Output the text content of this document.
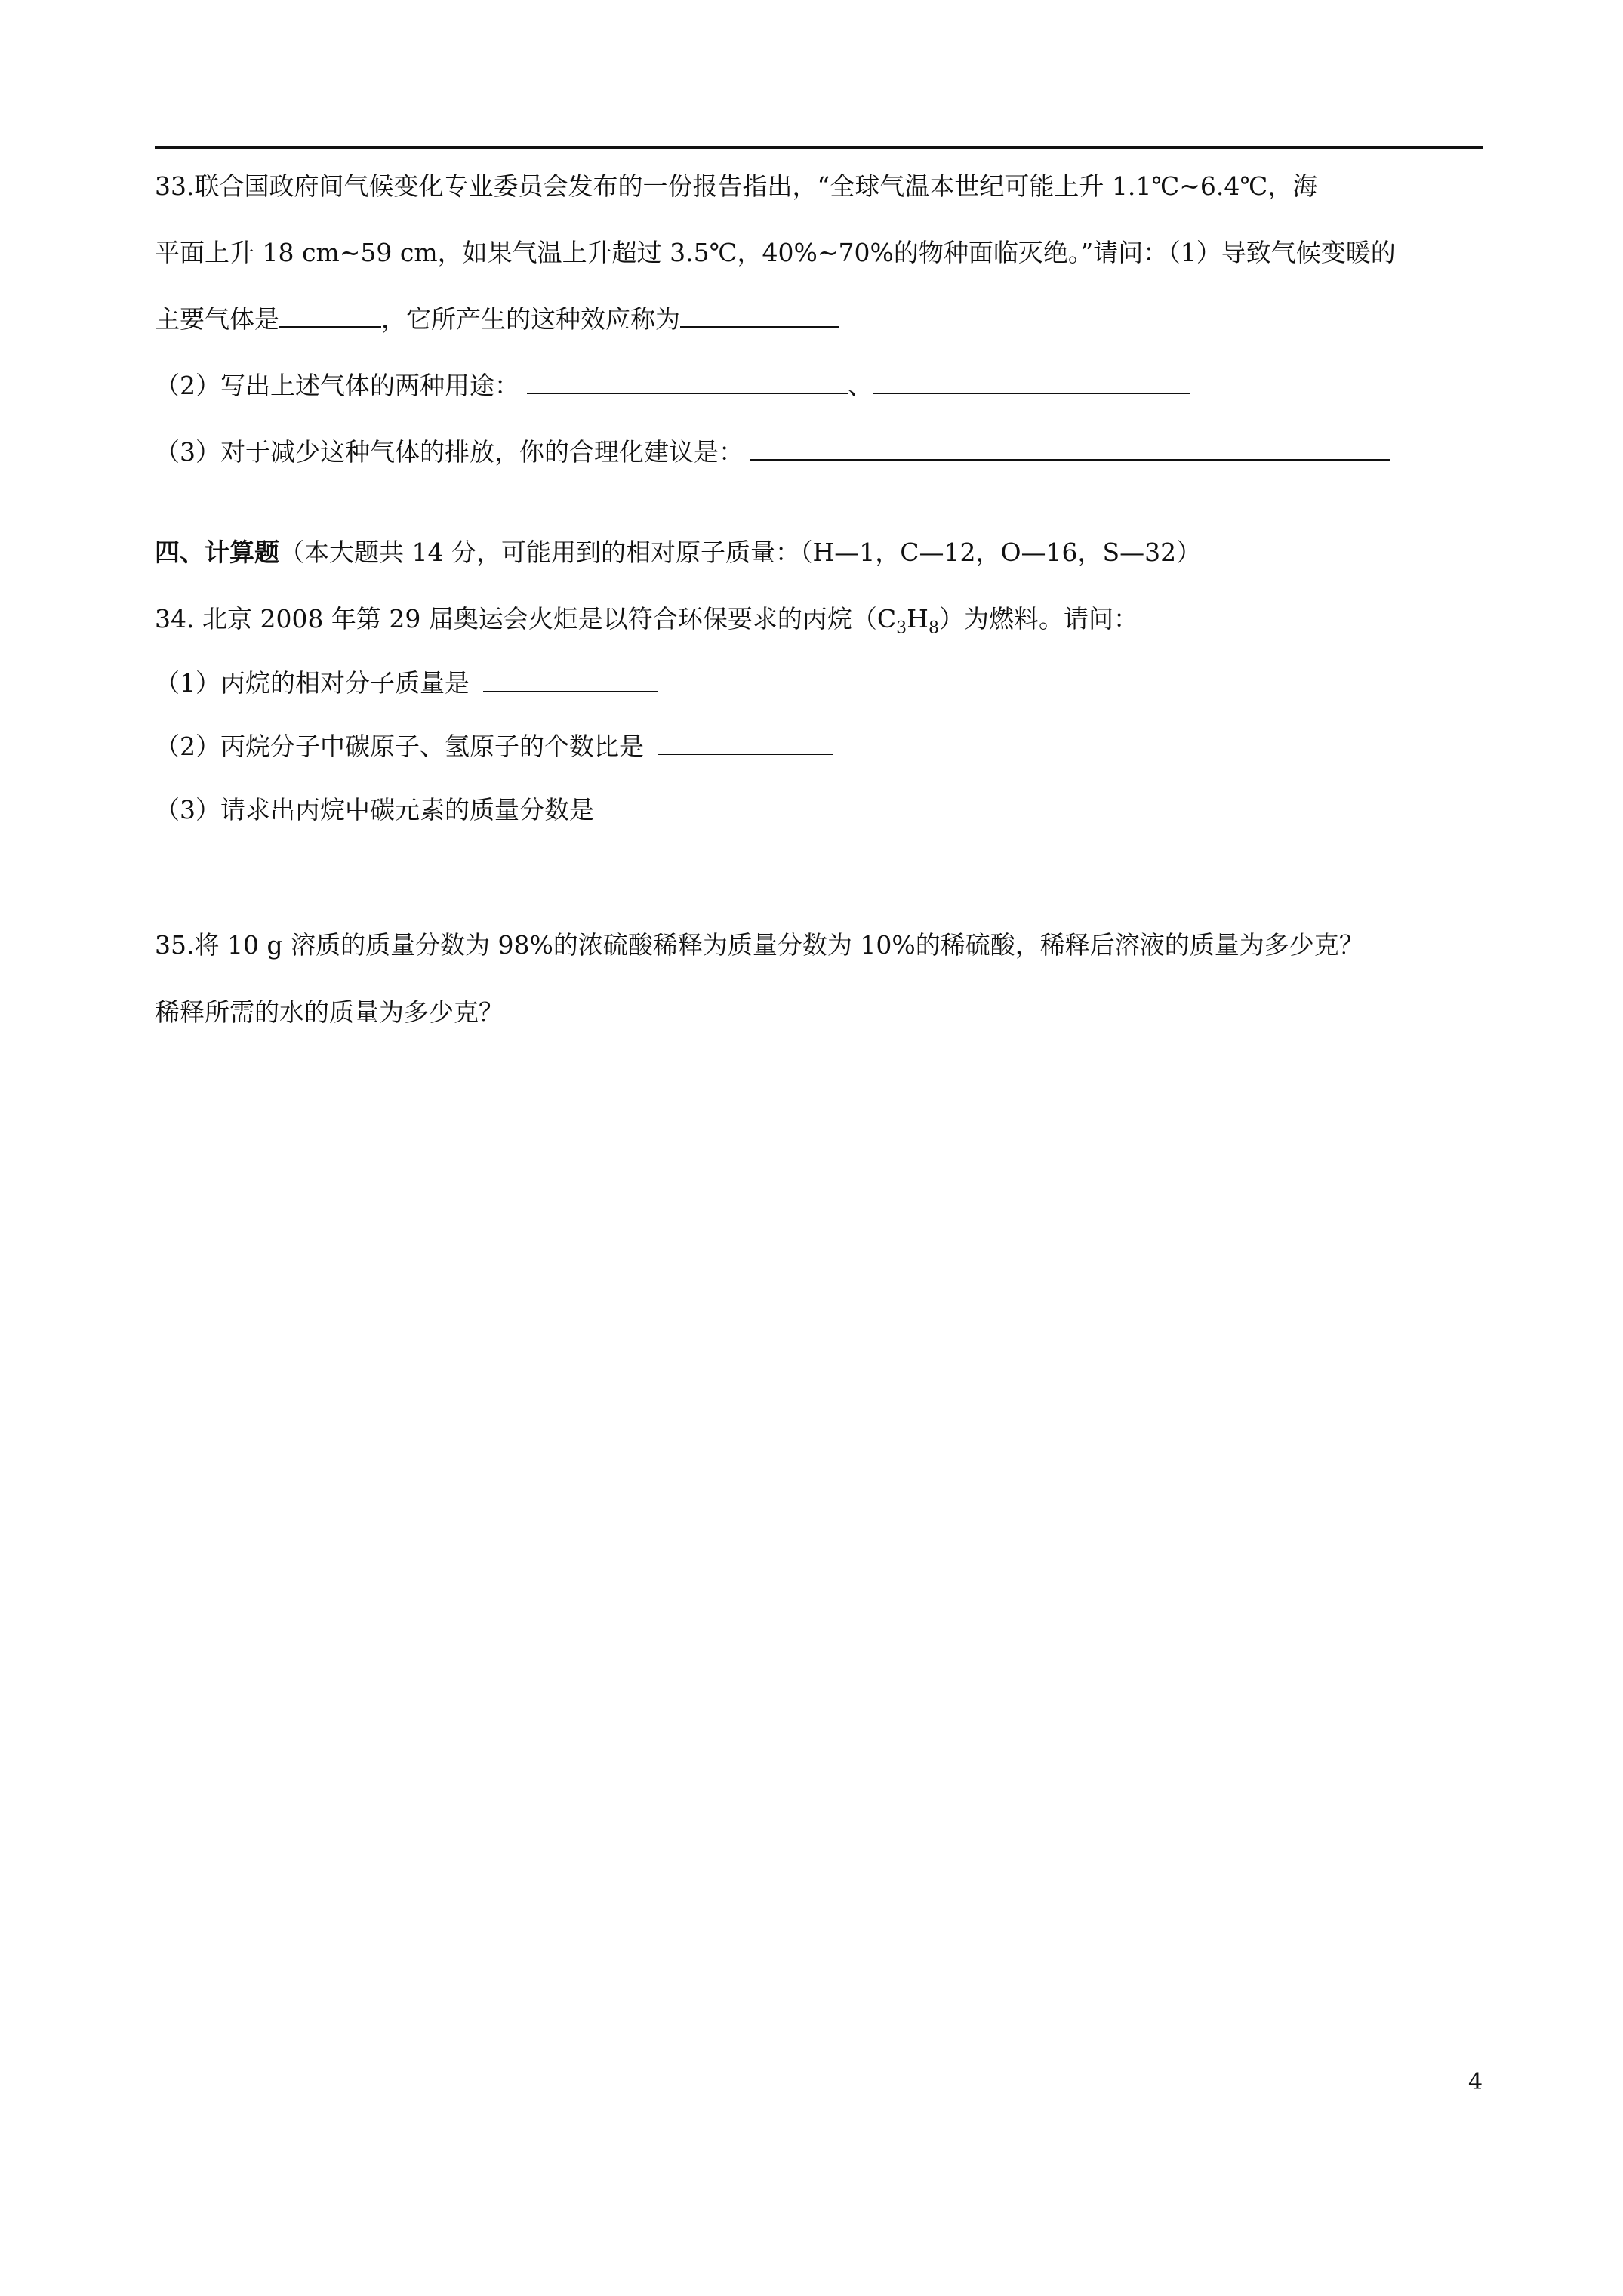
33.联合国政府间气候变化专业委员会发布的一份报告指出，“全球气温本世纪可能上升 1.1℃~6.4℃，海
平面上升 18 cm~59 cm，如果气温上升超过 3.5℃，40%~70%的物种面临灭绝。”请问：（1）导致气候变暖的
主要气体是	，它所产生的这种效应称为
（2）写出上述气体的两种用途：	、
（3）对于减少这种气体的排放，你的合理化建议是：
四、计算题（本大题共 14 分，可能用到的相对原子质量：（H—1，C—12，O—16，S—32）
34. 北京 2008 年第 29 届奥运会火炬是以符合环保要求的丙烷$(C_3H_8)$为燃料。请问：
（1）丙烷的相对分子质量是
（2）丙烷分子中碳原子、氢原子的个数比是
（3）请求出丙烷中碳元素的质量分数是
35.将 10 g 溶质的质量分数为 98%的浓硫酸稀释为质量分数为 10%的稀硫酸，稀释后溶液的质量为多少克？
稀释所需的水的质量为多少克？
4
